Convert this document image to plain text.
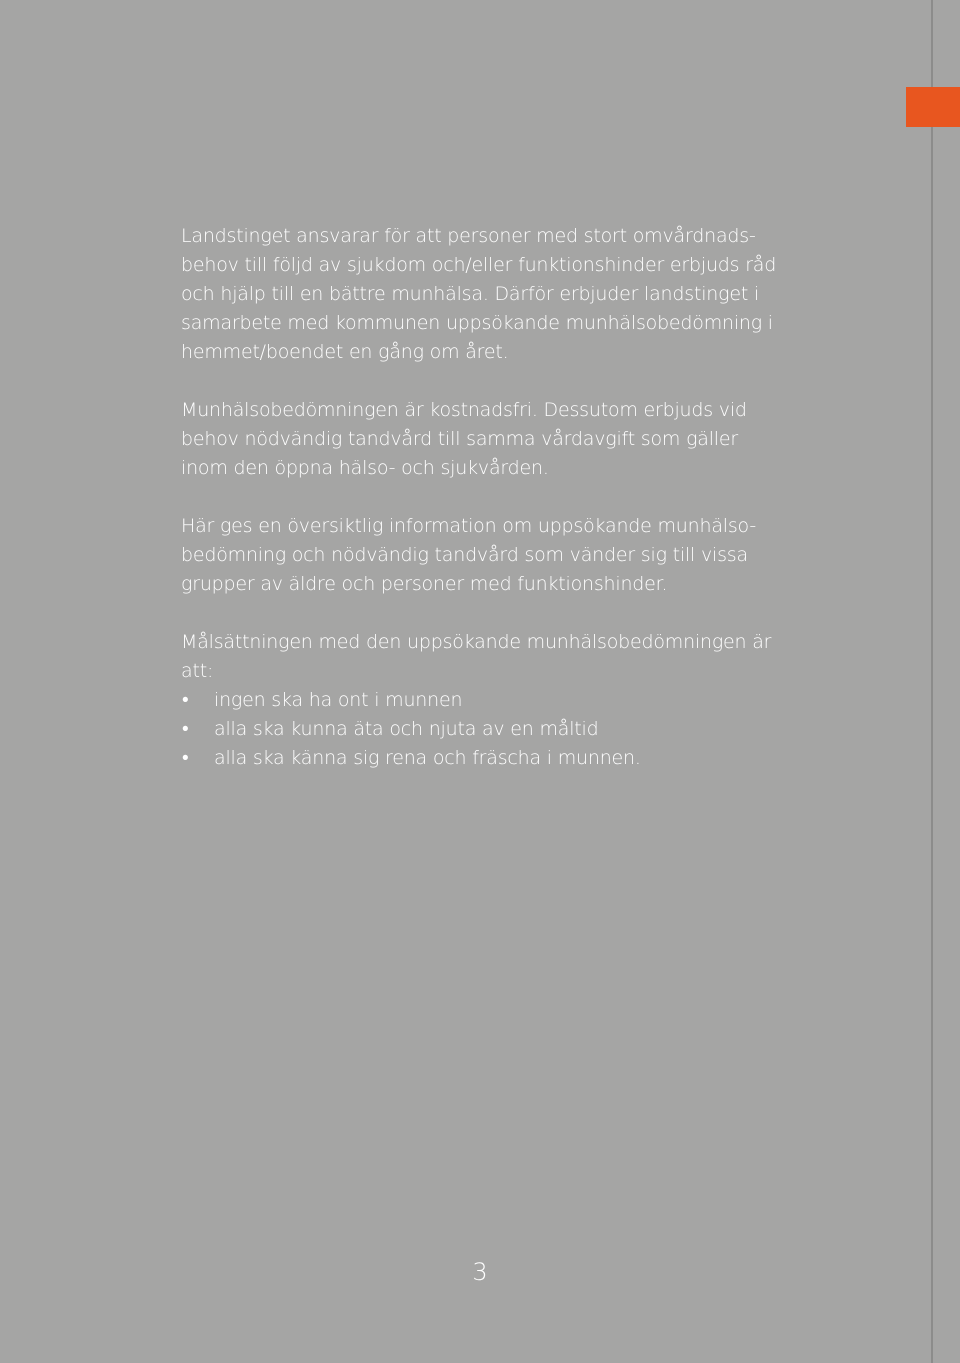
Landstinget ansvarar för att personer med stort omvårdnads-
behov till följd av sjukdom och/eller funktionshinder erbjuds råd
och hjälp till en bättre munhälsa. Därför erbjuder landstinget i
samarbete med kommunen uppsökande munhälsobedömning i
hemmet/boendet en gång om året.

Munhälsobedömningen är kostnadsfri. Dessutom erbjuds vid
behov nödvändig tandvård till samma vårdavgift som gäller
inom den öppna hälso- och sjukvården.

Här ges en översiktlig information om uppsökande munhälso-
bedömning och nödvändig tandvård som vänder sig till vissa
grupper av äldre och personer med funktionshinder.

Målsättningen med den uppsökande munhälsobedömningen är
att:

• ingen ska ha ont i munnen
• alla ska kunna äta och njuta av en måltid
• alla ska känna sig rena och fräscha i munnen.
3
